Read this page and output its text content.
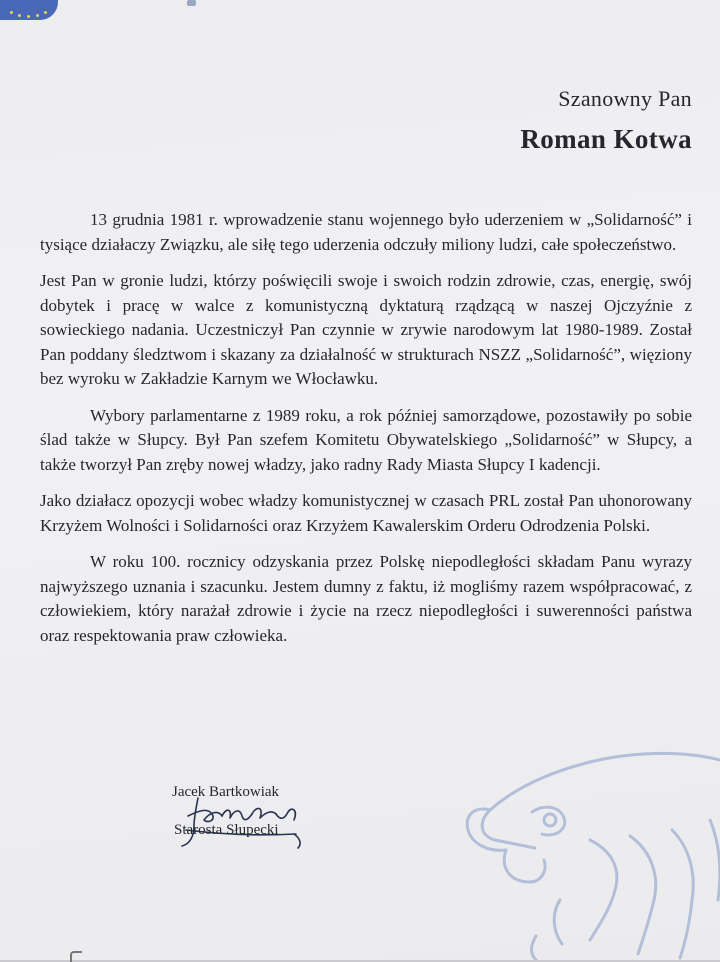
Szanowny Pan
Roman Kotwa

13 grudnia 1981 r. wprowadzenie stanu wojennego było uderzeniem w „Solidarność” i tysiące działaczy Związku, ale siłę tego uderzenia odczuły miliony ludzi, całe społeczeństwo.

Jest Pan w gronie ludzi, którzy poświęcili swoje i swoich rodzin zdrowie, czas, energię, swój dobytek i pracę w walce z komunistyczną dyktaturą rządzącą w naszej Ojczyźnie z sowieckiego nadania. Uczestniczył Pan czynnie w zrywie narodowym lat 1980-1989. Został Pan poddany śledztwom i skazany za działalność w strukturach NSZZ „Solidarność”, więziony bez wyroku w Zakładzie Karnym we Włocławku.

Wybory parlamentarne z 1989 roku, a rok później samorządowe, pozostawiły po sobie ślad także w Słupcy. Był Pan szefem Komitetu Obywatelskiego „Solidarność” w Słupcy, a także tworzył Pan zręby nowej władzy, jako radny Rady Miasta Słupcy I kadencji.

Jako działacz opozycji wobec władzy komunistycznej w czasach PRL został Pan uhonorowany Krzyżem Wolności i Solidarności oraz Krzyżem Kawalerskim Orderu Odrodzenia Polski.

W roku 100. rocznicy odzyskania przez Polskę niepodległości składam Panu wyrazy najwyższego uznania i szacunku. Jestem dumny z faktu, iż mogliśmy razem współpracować, z człowiekiem, który narażał zdrowie i życie na rzecz niepodległości i suwerenności państwa oraz respektowania praw człowieka.

Jacek Bartkowiak
Starosta Słupecki
